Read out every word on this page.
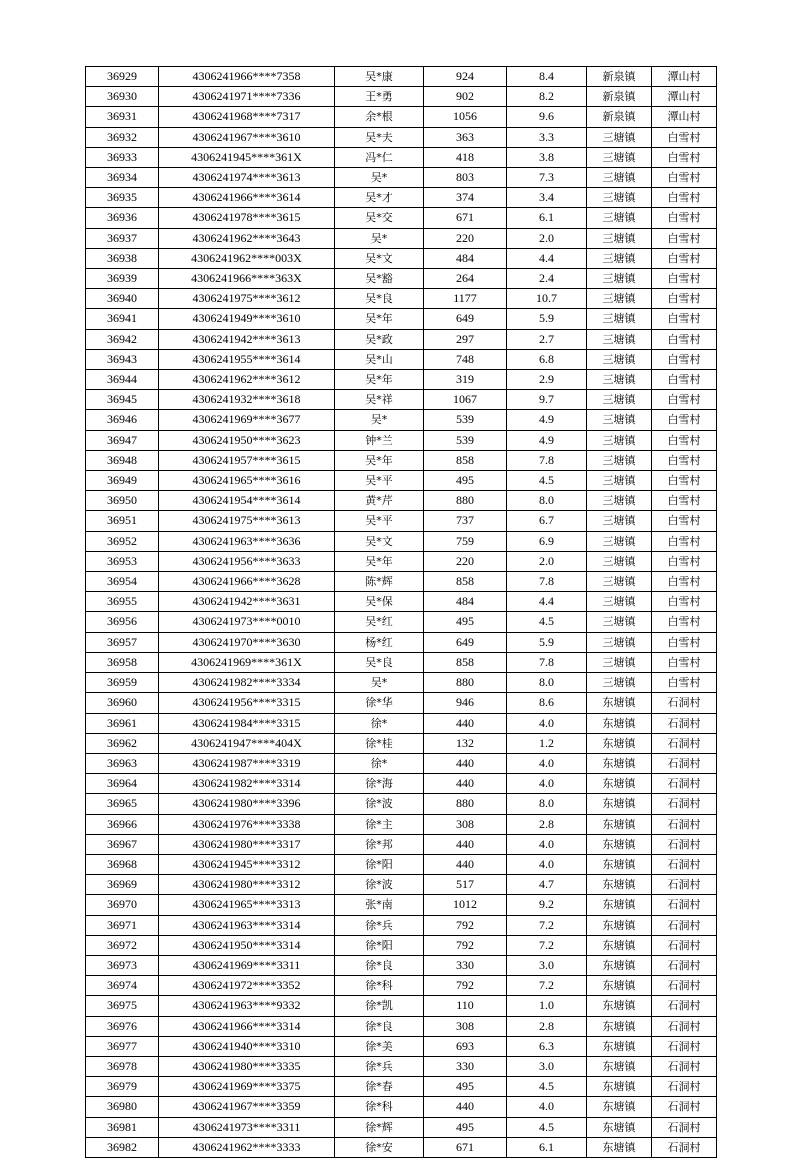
36929	4306241966****7358	吴*康	924	8.4	新泉镇	潭山村
36930	4306241971****7336	王*勇	902	8.2	新泉镇	潭山村
36931	4306241968****7317	余*根	1056	9.6	新泉镇	潭山村
36932	4306241967****3610	吴*夫	363	3.3	三塘镇	白雪村
36933	4306241945****361X	冯*仁	418	3.8	三塘镇	白雪村
36934	4306241974****3613	吴*	803	7.3	三塘镇	白雪村
36935	4306241966****3614	吴*才	374	3.4	三塘镇	白雪村
36936	4306241978****3615	吴*交	671	6.1	三塘镇	白雪村
36937	4306241962****3643	吴*	220	2.0	三塘镇	白雪村
36938	4306241962****003X	吴*文	484	4.4	三塘镇	白雪村
36939	4306241966****363X	吴*豁	264	2.4	三塘镇	白雪村
36940	4306241975****3612	吴*良	1177	10.7	三塘镇	白雪村
36941	4306241949****3610	吴*年	649	5.9	三塘镇	白雪村
36942	4306241942****3613	吴*政	297	2.7	三塘镇	白雪村
36943	4306241955****3614	吴*山	748	6.8	三塘镇	白雪村
36944	4306241962****3612	吴*年	319	2.9	三塘镇	白雪村
36945	4306241932****3618	吴*祥	1067	9.7	三塘镇	白雪村
36946	4306241969****3677	吴*	539	4.9	三塘镇	白雪村
36947	4306241950****3623	钟*兰	539	4.9	三塘镇	白雪村
36948	4306241957****3615	吴*年	858	7.8	三塘镇	白雪村
36949	4306241965****3616	吴*平	495	4.5	三塘镇	白雪村
36950	4306241954****3614	黄*芹	880	8.0	三塘镇	白雪村
36951	4306241975****3613	吴*平	737	6.7	三塘镇	白雪村
36952	4306241963****3636	吴*文	759	6.9	三塘镇	白雪村
36953	4306241956****3633	吴*年	220	2.0	三塘镇	白雪村
36954	4306241966****3628	陈*辉	858	7.8	三塘镇	白雪村
36955	4306241942****3631	吴*保	484	4.4	三塘镇	白雪村
36956	4306241973****0010	吴*红	495	4.5	三塘镇	白雪村
36957	4306241970****3630	杨*红	649	5.9	三塘镇	白雪村
36958	4306241969****361X	吴*良	858	7.8	三塘镇	白雪村
36959	4306241982****3334	吴*	880	8.0	三塘镇	白雪村
36960	4306241956****3315	徐*华	946	8.6	东塘镇	石洞村
36961	4306241984****3315	徐*	440	4.0	东塘镇	石洞村
36962	4306241947****404X	徐*桂	132	1.2	东塘镇	石洞村
36963	4306241987****3319	徐*	440	4.0	东塘镇	石洞村
36964	4306241982****3314	徐*海	440	4.0	东塘镇	石洞村
36965	4306241980****3396	徐*波	880	8.0	东塘镇	石洞村
36966	4306241976****3338	徐*主	308	2.8	东塘镇	石洞村
36967	4306241980****3317	徐*邦	440	4.0	东塘镇	石洞村
36968	4306241945****3312	徐*阳	440	4.0	东塘镇	石洞村
36969	4306241980****3312	徐*波	517	4.7	东塘镇	石洞村
36970	4306241965****3313	张*南	1012	9.2	东塘镇	石洞村
36971	4306241963****3314	徐*兵	792	7.2	东塘镇	石洞村
36972	4306241950****3314	徐*阳	792	7.2	东塘镇	石洞村
36973	4306241969****3311	徐*良	330	3.0	东塘镇	石洞村
36974	4306241972****3352	徐*科	792	7.2	东塘镇	石洞村
36975	4306241963****9332	徐*凯	110	1.0	东塘镇	石洞村
36976	4306241966****3314	徐*良	308	2.8	东塘镇	石洞村
36977	4306241940****3310	徐*美	693	6.3	东塘镇	石洞村
36978	4306241980****3335	徐*兵	330	3.0	东塘镇	石洞村
36979	4306241969****3375	徐*春	495	4.5	东塘镇	石洞村
36980	4306241967****3359	徐*科	440	4.0	东塘镇	石洞村
36981	4306241973****3311	徐*辉	495	4.5	东塘镇	石洞村
36982	4306241962****3333	徐*安	671	6.1	东塘镇	石洞村
